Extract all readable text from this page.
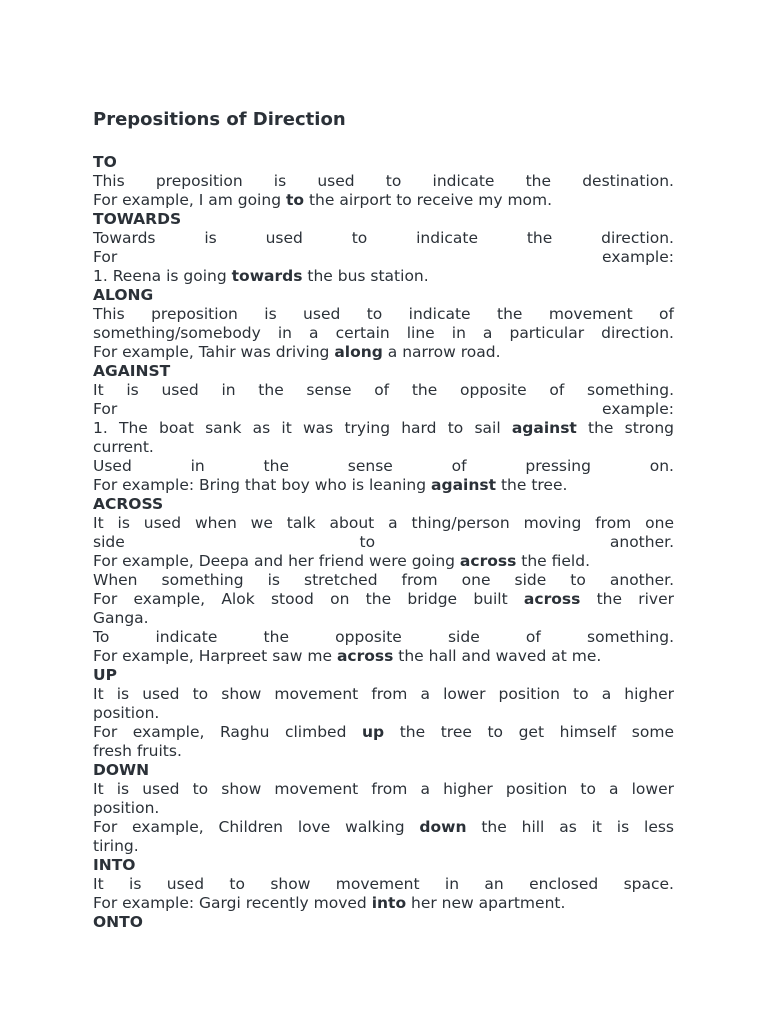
Prepositions of Direction
TO
This preposition is used to indicate the destination.
For example, I am going to the airport to receive my mom.
TOWARDS
Towards is used to indicate the direction.
For example:
1. Reena is going towards the bus station.
ALONG
This preposition is used to indicate the movement of
something/somebody in a certain line in a particular direction.
For example, Tahir was driving along a narrow road.
AGAINST
It is used in the sense of the opposite of something.
For example:
1. The boat sank as it was trying hard to sail against the strong
current.
Used in the sense of pressing on.
For example: Bring that boy who is leaning against the tree.
ACROSS
It is used when we talk about a thing/person moving from one
side to another.
For example, Deepa and her friend were going across the field.
When something is stretched from one side to another.
For example, Alok stood on the bridge built across the river
Ganga.
To indicate the opposite side of something.
For example, Harpreet saw me across the hall and waved at me.
UP
It is used to show movement from a lower position to a higher
position.
For example, Raghu climbed up the tree to get himself some
fresh fruits.
DOWN
It is used to show movement from a higher position to a lower
position.
For example, Children love walking down the hill as it is less
tiring.
INTO
It is used to show movement in an enclosed space.
For example: Gargi recently moved into her new apartment.
ONTO
